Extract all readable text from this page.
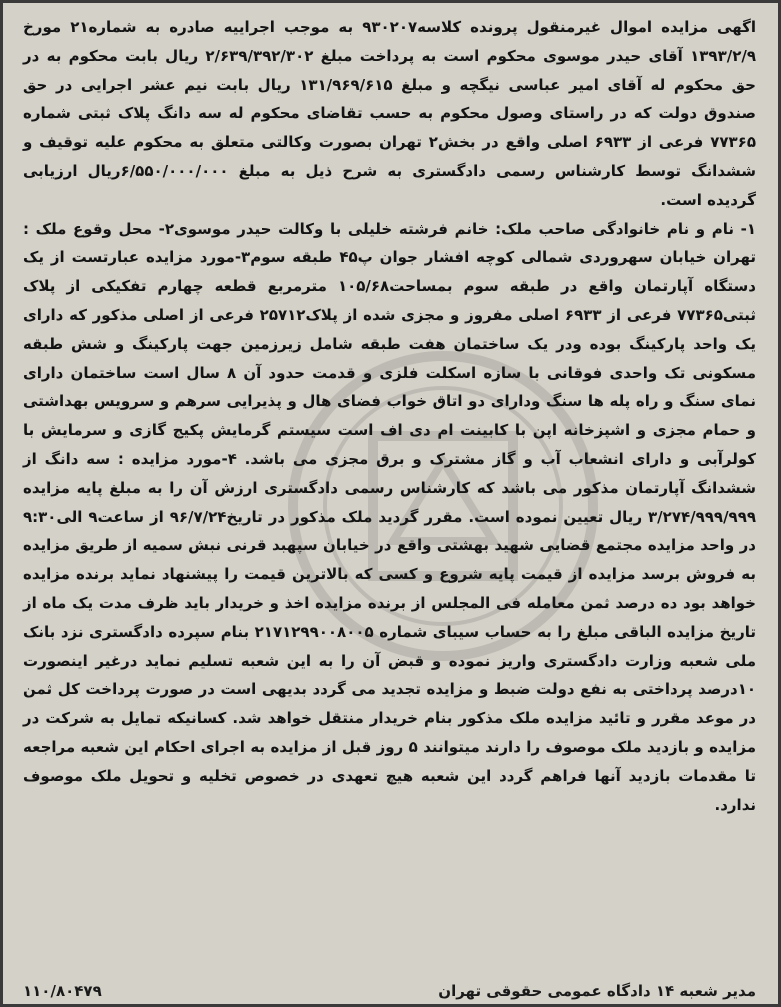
اگهی مزایده اموال غیرمنقول پرونده کلاسه۹۳۰۲۰۷ به موجب اجراییه صادره به شماره۲۱ مورخ ۱۳۹۳/۲/۹ آقای حیدر موسوی محکوم است به پرداخت مبلغ ۲/۶۳۹/۳۹۲/۳۰۲ ریال بابت محکوم به در حق محکوم له آقای امیر عباسی نیگچه و مبلغ ۱۳۱/۹۶۹/۶۱۵ ریال بابت نیم عشر اجرایی در حق صندوق دولت که در راستای وصول محکوم به حسب تقاضای محکوم له سه دانگ پلاک ثبتی شماره ۷۷۳۶۵ فرعی از ۶۹۳۳ اصلی واقع در بخش۲ تهران بصورت وکالتی متعلق به محکوم علیه توقیف و ششدانگ توسط کارشناس رسمی دادگستری به شرح ذیل به مبلغ ۶/۵۵۰/۰۰۰/۰۰۰ریال ارزیابی گردیده است.

۱- نام و نام خانوادگی صاحب ملک: خانم فرشته خلیلی با وکالت حیدر موسوی۲- محل وقوع ملک : تهران خیابان سهروردی شمالی کوچه افشار جوان پ۴۵ طبقه سوم۳-مورد مزایده عبارتست از یک دستگاه آپارتمان واقع در طبقه سوم بمساحت۱۰۵/۶۸ مترمربع قطعه چهارم تفکیکی از پلاک ثبتی۷۷۳۶۵ فرعی از ۶۹۳۳ اصلی مفروز و مجزی شده از پلاک۲۵۷۱۲ فرعی از اصلی مذکور که دارای یک واحد پارکینگ بوده ودر یک ساختمان هفت طبقه شامل زیرزمین جهت پارکینگ و شش طبقه مسکونی تک واحدی فوقانی با سازه اسکلت فلزی و قدمت حدود آن ۸ سال است ساختمان دارای نمای سنگ و راه پله ها سنگ ودارای دو اتاق خواب فضای هال و پذیرایی سرهم و سرویس بهداشتی و حمام مجزی و اشپزخانه اپن با کابینت ام دی اف است سیستم گرمایش پکیج گازی و سرمایش با کولرآبی و دارای انشعاب آب و گاز مشترک و برق مجزی می باشد. ۴-مورد مزایده : سه دانگ از ششدانگ آپارتمان مذکور می باشد که کارشناس رسمی دادگستری ارزش آن را به مبلغ پایه مزایده ۳/۲۷۴/۹۹۹/۹۹۹ ریال تعیین نموده است. مقرر گردید ملک مذکور در تاریخ۹۶/۷/۲۴ از ساعت۹ الی۹:۳۰ در واحد مزایده مجتمع قضایی شهید بهشتی واقع در خیابان سپهبد قرنی نبش سمیه از طریق مزایده به فروش برسد مزایده از قیمت پایه شروع و کسی که بالاترین قیمت را پیشنهاد نماید برنده مزایده خواهد بود ده درصد ثمن معامله فی المجلس از برنده مزایده اخذ و خریدار باید ظرف مدت یک ماه از تاریخ مزایده الباقی مبلغ را به حساب سیبای شماره ۲۱۷۱۲۹۹۰۰۸۰۰۵ بنام سپرده دادگستری نزد بانک ملی شعبه وزارت دادگستری واریز نموده و قبض آن را به این شعبه تسلیم نماید درغیر اینصورت ۱۰درصد پرداختی به نفع دولت ضبط و مزایده تجدید می گردد بدیهی است در صورت پرداخت کل ثمن در موعد مقرر و تائید مزایده ملک مذکور بنام خریدار منتقل خواهد شد. کسانیکه تمایل به شرکت در مزایده و بازدید ملک موصوف را دارند میتوانند ۵ روز قبل از مزایده به اجرای احکام این شعبه مراجعه تا مقدمات بازدید آنها فراهم گردد این شعبه هیچ تعهدی در خصوص تخلیه و تحویل ملک موصوف ندارد.

مدیر شعبه ۱۴ دادگاه عمومی حقوقی تهران
۱۱۰/۸۰۴۷۹
